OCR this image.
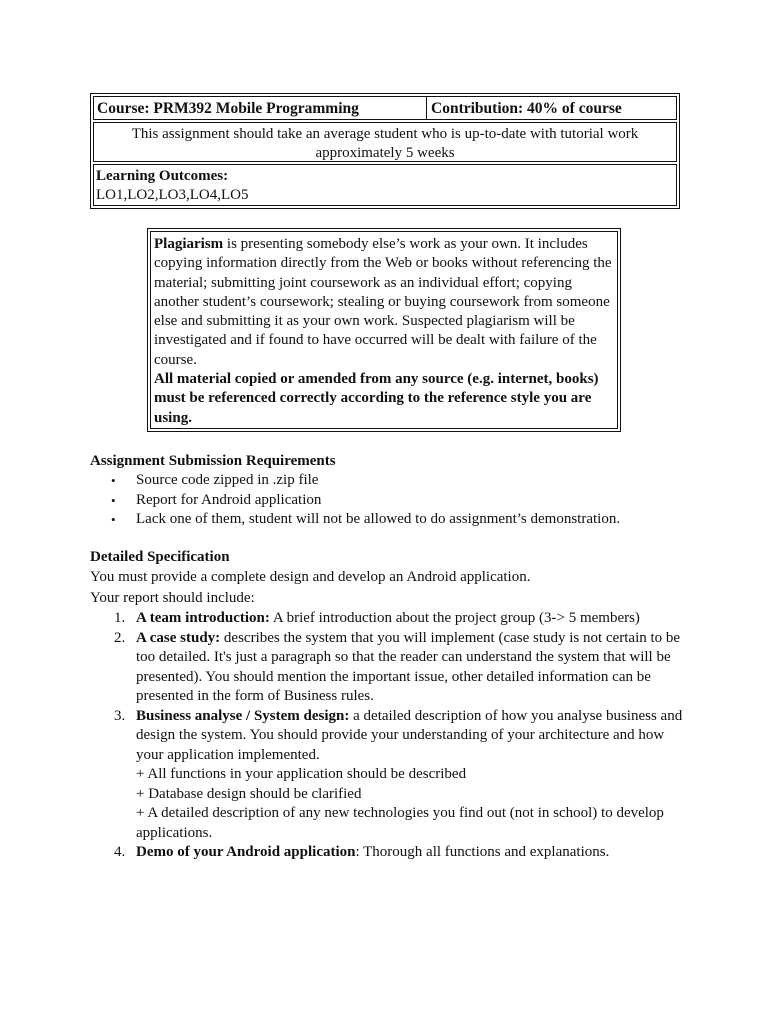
Course: PRM392 Mobile Programming	Contribution: 40% of course
This assignment should take an average student who is up-to-date with tutorial work approximately 5 weeks
Learning Outcomes:
LO1,LO2,LO3,LO4,LO5
Plagiarism is presenting somebody else’s work as your own. It includes copying information directly from the Web or books without referencing the material; submitting joint coursework as an individual effort; copying another student’s coursework; stealing or buying coursework from someone else and submitting it as your own work. Suspected plagiarism will be investigated and if found to have occurred will be dealt with failure of the course.
All material copied or amended from any source (e.g. internet, books) must be referenced correctly according to the reference style you are using.
Assignment Submission Requirements
• Source code zipped in .zip file
• Report for Android application
• Lack one of them, student will not be allowed to do assignment’s demonstration.
Detailed Specification
You must provide a complete design and develop an Android application.
Your report should include:
1. A team introduction: A brief introduction about the project group (3-> 5 members)
2. A case study: describes the system that you will implement (case study is not certain to be too detailed. It's just a paragraph so that the reader can understand the system that will be presented). You should mention the important issue, other detailed information can be presented in the form of Business rules.
3. Business analyse / System design: a detailed description of how you analyse business and design the system. You should provide your understanding of your architecture and how your application implemented.
+ All functions in your application should be described
+ Database design should be clarified
+ A detailed description of any new technologies you find out (not in school) to develop applications.
4. Demo of your Android application: Thorough all functions and explanations.
